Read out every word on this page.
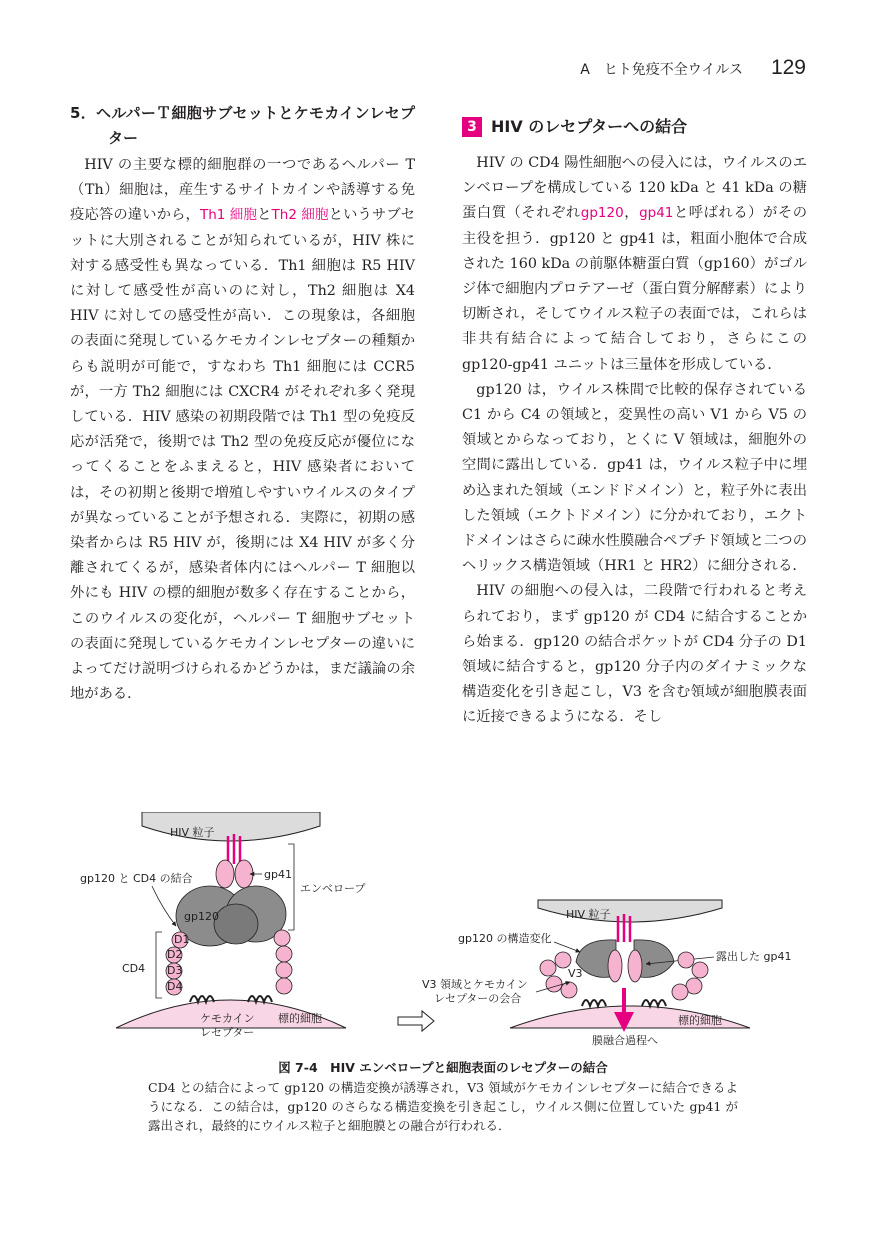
A　ヒト免疫不全ウイルス 129
5．ヘルパーＴ細胞サブセットとケモカインレセプター

HIV の主要な標的細胞群の一つであるヘルパー T（Th）細胞は，産生するサイトカインや誘導する免疫応答の違いから，Th1 細胞とTh2 細胞というサブセットに大別されることが知られているが，HIV 株に対する感受性も異なっている．Th1 細胞は R5 HIV に対して感受性が高いのに対し，Th2 細胞は X4 HIV に対しての感受性が高い．この現象は，各細胞の表面に発現しているケモカインレセプターの種類からも説明が可能で，すなわち Th1 細胞には CCR5 が，一方 Th2 細胞には CXCR4 がそれぞれ多く発現している．HIV 感染の初期段階では Th1 型の免疫反応が活発で，後期では Th2 型の免疫反応が優位になってくることをふまえると，HIV 感染者においては，その初期と後期で増殖しやすいウイルスのタイプが異なっていることが予想される．実際に，初期の感染者からは R5 HIV が，後期には X4 HIV が多く分離されてくるが，感染者体内にはヘルパー T 細胞以外にも HIV の標的細胞が数多く存在することから，このウイルスの変化が，ヘルパー T 細胞サブセットの表面に発現しているケモカインレセプターの違いによってだけ説明づけられるかどうかは，まだ議論の余地がある．

3 HIV のレセプターへの結合

HIV の CD4 陽性細胞への侵入には，ウイルスのエンベロープを構成している 120 kDa と 41 kDa の糖蛋白質（それぞれgp120，gp41と呼ばれる）がその主役を担う．gp120 と gp41 は，粗面小胞体で合成された 160 kDa の前駆体糖蛋白質（gp160）がゴルジ体で細胞内プロテアーゼ（蛋白質分解酵素）により切断され，そしてウイルス粒子の表面では，これらは非共有結合によって結合しており，さらにこの gp120-gp41 ユニットは三量体を形成している．

gp120 は，ウイルス株間で比較的保存されている C1 から C4 の領域と，変異性の高い V1 から V5 の領域とからなっており，とくに V 領域は，細胞外の空間に露出している．gp41 は，ウイルス粒子中に埋め込まれた領域（エンドドメイン）と，粒子外に表出した領域（エクトドメイン）に分かれており，エクトドメインはさらに疎水性膜融合ペプチド領域と二つのヘリックス構造領域（HR1 と HR2）に細分される．

HIV の細胞への侵入は，二段階で行われると考えられており，まず gp120 が CD4 に結合することから始まる．gp120 の結合ポケットが CD4 分子の D1 領域に結合すると，gp120 分子内のダイナミックな構造変化を引き起こし，V3 を含む領域が細胞膜表面に近接できるようになる．そし

HIV 粒子
gp41
エンベロープ
gp120
gp120 と CD4 の結合
D1
D2
D3
D4
CD4
ケモカイン
レセプター
標的細胞
HIV 粒子
V3
gp120 の構造変化
露出した gp41
V3 領域とケモカイン
レセプターの会合
標的細胞
膜融合過程へ
図 7-4　HIV エンベロープと細胞表面のレセプターの結合
CD4 との結合によって gp120 の構造変換が誘導され，V3 領域がケモカインレセプターに結合できるようになる．この結合は，gp120 のさらなる構造変換を引き起こし，ウイルス側に位置していた gp41 が露出され，最終的にウイルス粒子と細胞膜との融合が行われる．
